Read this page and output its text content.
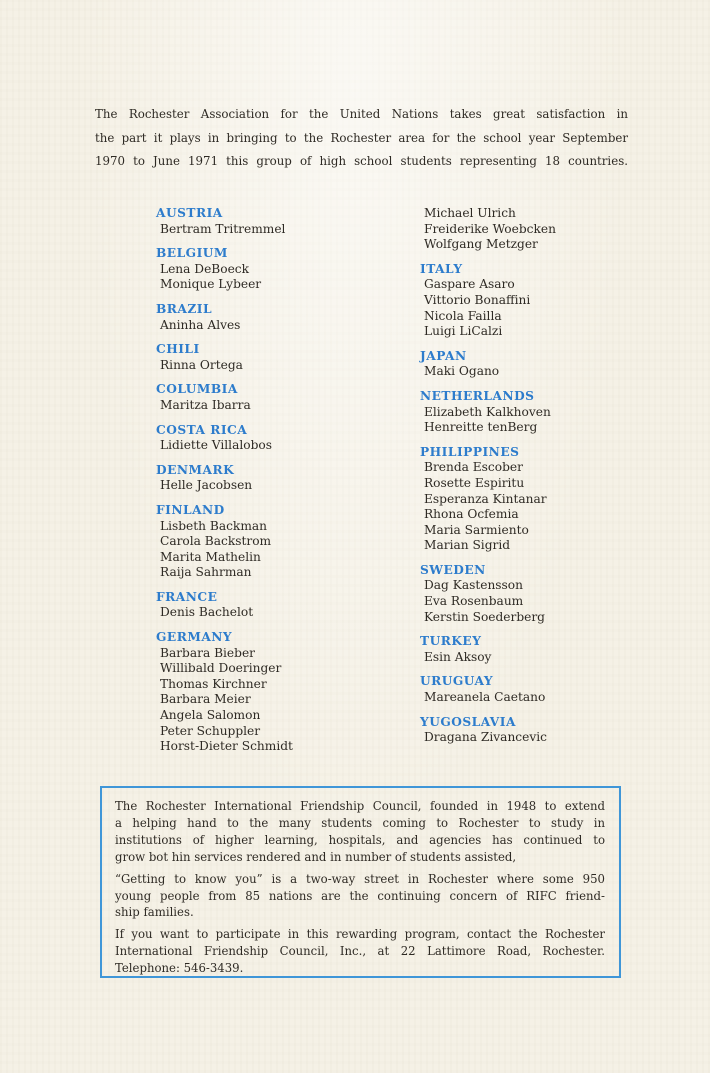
The Rochester Association for the United Nations takes great satisfaction in
the part it plays in bringing to the Rochester area for the school year September
1970 to June 1971 this group of high school students representing 18 countries.
AUSTRIA
Bertram Tritremmel
BELGIUM
Lena DeBoeck
Monique Lybeer
BRAZIL
Aninha Alves
CHILI
Rinna Ortega
COLUMBIA
Maritza Ibarra
COSTA RICA
Lidiette Villalobos
DENMARK
Helle Jacobsen
FINLAND
Lisbeth Backman
Carola Backstrom
Marita Mathelin
Raija Sahrman
FRANCE
Denis Bachelot
GERMANY
Barbara Bieber
Willibald Doeringer
Thomas Kirchner
Barbara Meier
Angela Salomon
Peter Schuppler
Horst-Dieter Schmidt
Michael Ulrich
Freiderike Woebcken
Wolfgang Metzger
ITALY
Gaspare Asaro
Vittorio Bonaffini
Nicola Failla
Luigi LiCalzi
JAPAN
Maki Ogano
NETHERLANDS
Elizabeth Kalkhoven
Henreitte tenBerg
PHILIPPINES
Brenda Escober
Rosette Espiritu
Esperanza Kintanar
Rhona Ocfemia
Maria Sarmiento
Marian Sigrid
SWEDEN
Dag Kastensson
Eva Rosenbaum
Kerstin Soederberg
TURKEY
Esin Aksoy
URUGUAY
Mareanela Caetano
YUGOSLAVIA
Dragana Zivancevic
The Rochester International Friendship Council, founded in 1948 to extend
a helping hand to the many students coming to Rochester to study in
institutions of higher learning, hospitals, and agencies has continued to
grow bot hin services rendered and in number of students assisted,
“Getting to know you” is a two-way street in Rochester where some 950
young people from 85 nations are the continuing concern of RIFC friend-
ship families.
If you want to participate in this rewarding program, contact the Rochester
International Friendship Council, Inc., at 22 Lattimore Road, Rochester.
Telephone: 546-3439.
